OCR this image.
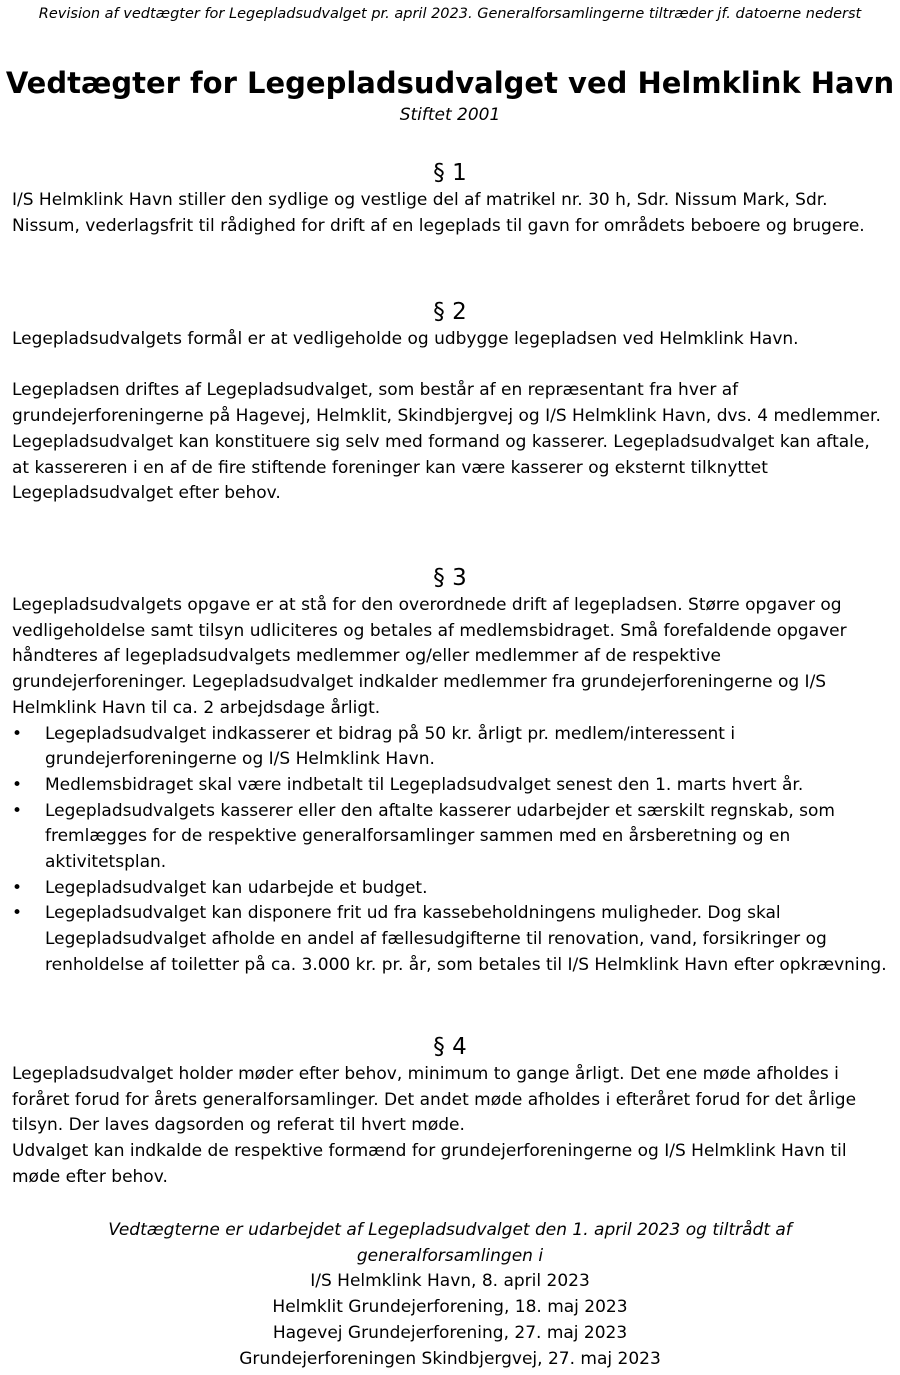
Revision af vedtægter for Legepladsudvalget pr. april 2023. Generalforsamlingerne tiltræder jf. datoerne nederst
Vedtægter for Legepladsudvalget ved Helmklink Havn
Stiftet 2001
§ 1

I/S Helmklink Havn stiller den sydlige og vestlige del af matrikel nr. 30 h, Sdr. Nissum Mark, Sdr. Nissum, vederlagsfrit til rådighed for drift af en legeplads til gavn for områdets beboere og brugere.

§ 2

Legepladsudvalgets formål er at vedligeholde og udbygge legepladsen ved Helmklink Havn.

Legepladsen driftes af Legepladsudvalget, som består af en repræsentant fra hver af grundejerforeningerne på Hagevej, Helmklit, Skindbjergvej og I/S Helmklink Havn, dvs. 4 medlemmer.

Legepladsudvalget kan konstituere sig selv med formand og kasserer. Legepladsudvalget kan aftale, at kassereren i en af de fire stiftende foreninger kan være kasserer og eksternt tilknyttet Legepladsudvalget efter behov.

§ 3

Legepladsudvalgets opgave er at stå for den overordnede drift af legepladsen. Større opgaver og vedligeholdelse samt tilsyn udliciteres og betales af medlemsbidraget. Små forefaldende opgaver håndteres af legepladsudvalgets medlemmer og/eller medlemmer af de respektive grundejerforeninger. Legepladsudvalget indkalder medlemmer fra grundejerforeningerne og I/S Helmklink Havn til ca. 2 arbejdsdage årligt.

•	Legepladsudvalget indkasserer et bidrag på 50 kr. årligt pr. medlem/interessent i grundejerforeningerne og I/S Helmklink Havn.
•	Medlemsbidraget skal være indbetalt til Legepladsudvalget senest den 1. marts hvert år.
•	Legepladsudvalgets kasserer eller den aftalte kasserer udarbejder et særskilt regnskab, som fremlægges for de respektive generalforsamlinger sammen med en årsberetning og en aktivitetsplan.
•	Legepladsudvalget kan udarbejde et budget.
•	Legepladsudvalget kan disponere frit ud fra kassebeholdningens muligheder. Dog skal Legepladsudvalget afholde en andel af fællesudgifterne til renovation, vand, forsikringer og renholdelse af toiletter på ca. 3.000 kr. pr. år, som betales til I/S Helmklink Havn efter opkrævning.
§ 4

Legepladsudvalget holder møder efter behov, minimum to gange årligt. Det ene møde afholdes i foråret forud for årets generalforsamlinger. Det andet møde afholdes i efteråret forud for det årlige tilsyn. Der laves dagsorden og referat til hvert møde.

Udvalget kan indkalde de respektive formænd for grundejerforeningerne og I/S Helmklink Havn til møde efter behov.

Vedtægterne er udarbejdet af Legepladsudvalget den 1. april 2023 og tiltrådt af

generalforsamlingen i

I/S Helmklink Havn, 8. april 2023

Helmklit Grundejerforening, 18. maj 2023

Hagevej Grundejerforening, 27. maj 2023

Grundejerforeningen Skindbjergvej, 27. maj 2023
